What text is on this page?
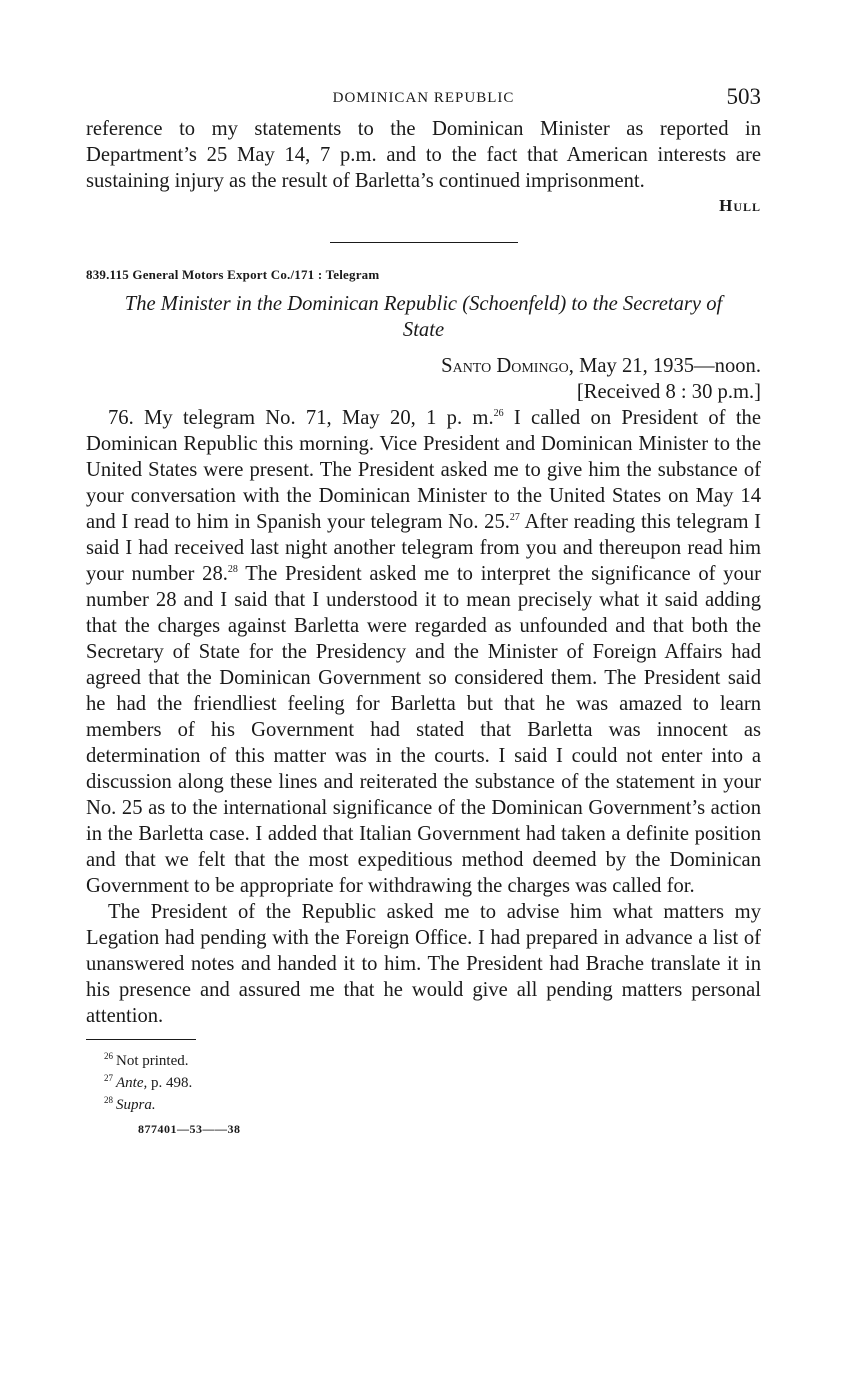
DOMINICAN REPUBLIC	503

reference to my statements to the Dominican Minister as reported in Department’s 25 May 14, 7 p.m. and to the fact that American interests are sustaining injury as the result of Barletta’s continued imprisonment.

Hull
839.115 General Motors Export Co./171 : Telegram
The Minister in the Dominican Republic (Schoenfeld) to the Secretary of State
Santo Domingo, May 21, 1935—noon.
[Received 8 : 30 p.m.]

76. My telegram No. 71, May 20, 1 p. m.$^{26}$ I called on President of the Dominican Republic this morning. Vice President and Dominican Minister to the United States were present. The President asked me to give him the substance of your conversation with the Dominican Minister to the United States on May 14 and I read to him in Spanish your telegram No. 25.27 After reading this telegram I said I had received last night another telegram from you and thereupon read him your number 28.28 The President asked me to interpret the significance of your number 28 and I said that I understood it to mean precisely what it said adding that the charges against Barletta were regarded as unfounded and that both the Secretary of State for the Presidency and the Minister of Foreign Affairs had agreed that the Dominican Government so considered them. The President said he had the friendliest feeling for Barletta but that he was amazed to learn members of his Government had stated that Barletta was innocent as determination of this matter was in the courts. I said I could not enter into a discussion along these lines and reiterated the substance of the statement in your No. 25 as to the international significance of the Dominican Government’s action in the Barletta case. I added that Italian Government had taken a definite position and that we felt that the most expeditious method deemed by the Dominican Government to be appropriate for withdrawing the charges was called for.

The President of the Republic asked me to advise him what matters my Legation had pending with the Foreign Office. I had prepared in advance a list of unanswered notes and handed it to him. The President had Brache translate it in his presence and assured me that he would give all pending matters personal attention.

$^{26}$ Not printed.
$^{27}$ Ante, p. 498.
$^{28}$ Supra.
877401—53——38
